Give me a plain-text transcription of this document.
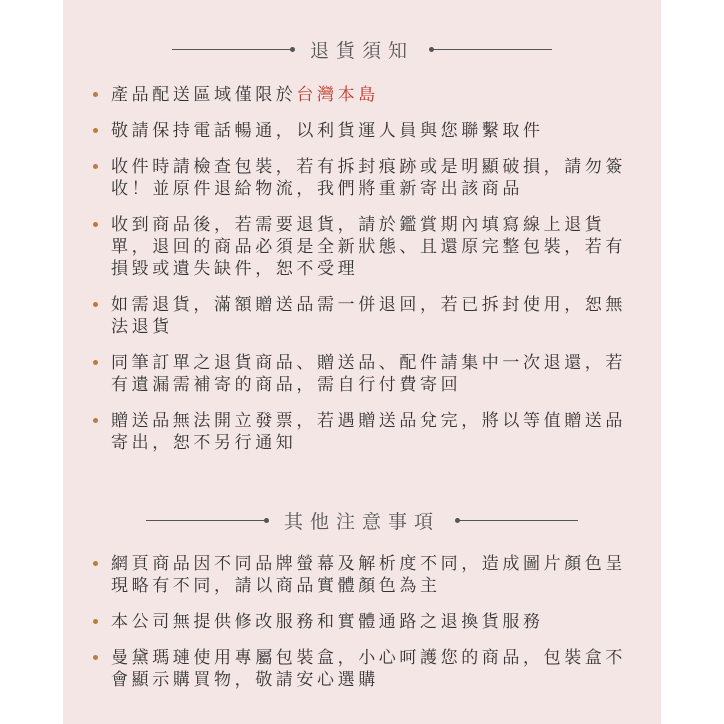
退貨須知
產品配送區域僅限於台灣本島
敬請保持電話暢通，以利貨運人員與您聯繫取件
收件時請檢查包裝，若有拆封痕跡或是明顯破損，請勿簽收！並原件退給物流，我們將重新寄出該商品
收到商品後，若需要退貨，請於鑑賞期內填寫線上退貨單，退回的商品必須是全新狀態、且還原完整包裝，若有損毀或遺失缺件，恕不受理
如需退貨，滿額贈送品需一併退回，若已拆封使用，恕無法退貨
同筆訂單之退貨商品、贈送品、配件請集中一次退還，若有遺漏需補寄的商品，需自行付費寄回
贈送品無法開立發票，若遇贈送品兌完，將以等值贈送品寄出，恕不另行通知
其他注意事項
網頁商品因不同品牌螢幕及解析度不同，造成圖片顏色呈現略有不同，請以商品實體顏色為主
本公司無提供修改服務和實體通路之退換貨服務
曼黛瑪璉使用專屬包裝盒，小心呵護您的商品，包裝盒不會顯示購買物，敬請安心選購
